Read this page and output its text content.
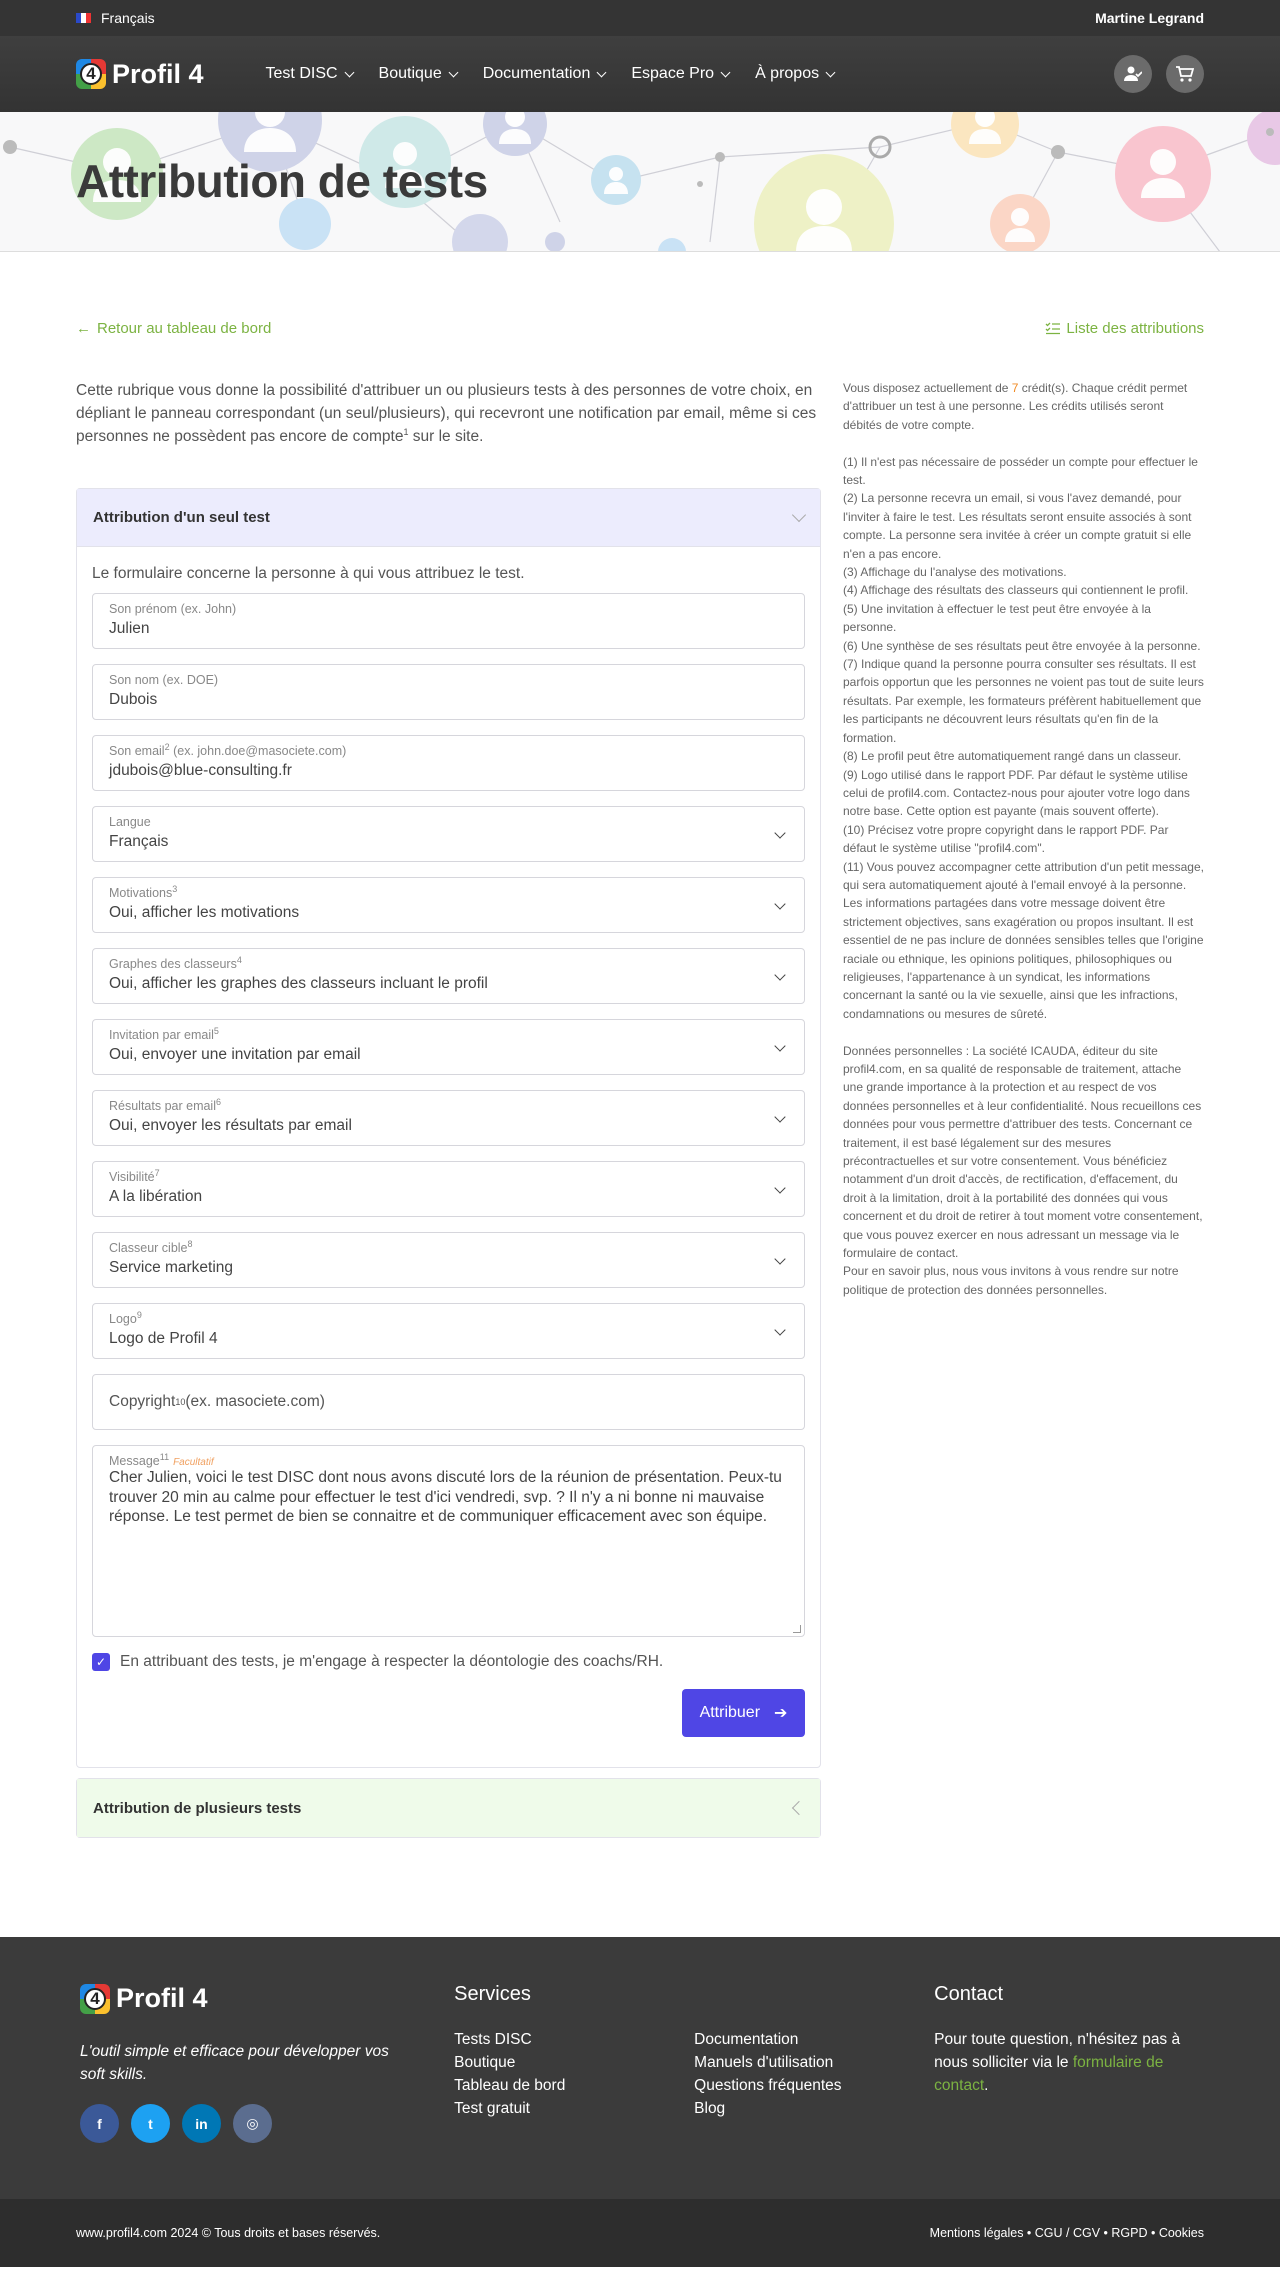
Français	Martine Legrand
4 Profil 4	Test DISC	Boutique	Documentation	Espace Pro	À propos
Attribution de tests
← Retour au tableau de bord	Liste des attributions

Cette rubrique vous donne la possibilité d'attribuer un ou plusieurs tests à des personnes de votre choix, en dépliant le panneau correspondant (un seul/plusieurs), qui recevront une notification par email, même si ces personnes ne possèdent pas encore de compte$^1$ sur le site.

Attribution d'un seul test

Le formulaire concerne la personne à qui vous attribuez le test.

Son prénom (ex. John)
Julien
Son nom (ex. DOE)
Dubois
Son email$^2$ (ex. john.doe@masociete.com)
jdubois@blue-consulting.fr
Langue
Français
Motivations$^3$
Oui, afficher les motivations
Graphes des classeurs$^4$
Oui, afficher les graphes des classeurs incluant le profil
Invitation par email$^5$
Oui, envoyer une invitation par email
Résultats par email$^6$
Oui, envoyer les résultats par email
Visibilité$^7$
A la libération
Classeur cible$^8$
Service marketing
Logo$^9$
Logo de Profil 4
Copyright 10 (ex. masociete.com)
Message$^{11}$Facultatif
Cher Julien, voici le test DISC dont nous avons discuté lors de la réunion de présentation. Peux-tu trouver 20 min au calme pour effectuer le test d'ici vendredi, svp. ? Il n'y a ni bonne ni mauvaise réponse. Le test permet de bien se connaitre et de communiquer efficacement avec son équipe.
✓ En attribuant des tests, je m'engage à respecter la déontologie des coachs/RH.
Attribuer ➔
Attribution de plusieurs tests

Vous disposez actuellement de 7 crédit(s). Chaque crédit permet d'attribuer un test à une personne. Les crédits utilisés seront débités de votre compte.

(1) Il n'est pas nécessaire de posséder un compte pour effectuer le test.
(2) La personne recevra un email, si vous l'avez demandé, pour l'inviter à faire le test. Les résultats seront ensuite associés à sont compte. La personne sera invitée à créer un compte gratuit si elle n'en a pas encore.
(3) Affichage du l'analyse des motivations.
(4) Affichage des résultats des classeurs qui contiennent le profil.
(5) Une invitation à effectuer le test peut être envoyée à la personne.
(6) Une synthèse de ses résultats peut être envoyée à la personne.
(7) Indique quand la personne pourra consulter ses résultats. Il est parfois opportun que les personnes ne voient pas tout de suite leurs résultats. Par exemple, les formateurs préfèrent habituellement que les participants ne découvrent leurs résultats qu'en fin de la formation.
(8) Le profil peut être automatiquement rangé dans un classeur.
(9) Logo utilisé dans le rapport PDF. Par défaut le système utilise celui de profil4.com. Contactez-nous pour ajouter votre logo dans notre base. Cette option est payante (mais souvent offerte).
(10) Précisez votre propre copyright dans le rapport PDF. Par défaut le système utilise "profil4.com".
(11) Vous pouvez accompagner cette attribution d'un petit message, qui sera automatiquement ajouté à l'email envoyé à la personne. Les informations partagées dans votre message doivent être strictement objectives, sans exagération ou propos insultant. Il est essentiel de ne pas inclure de données sensibles telles que l'origine raciale ou ethnique, les opinions politiques, philosophiques ou religieuses, l'appartenance à un syndicat, les informations concernant la santé ou la vie sexuelle, ainsi que les infractions, condamnations ou mesures de sûreté.

Données personnelles : La société ICAUDA, éditeur du site profil4.com, en sa qualité de responsable de traitement, attache une grande importance à la protection et au respect de vos données personnelles et à leur confidentialité. Nous recueillons ces données pour vous permettre d'attribuer des tests. Concernant ce traitement, il est basé légalement sur des mesures précontractuelles et sur votre consentement. Vous bénéficiez notamment d'un droit d'accès, de rectification, d'effacement, du droit à la limitation, droit à la portabilité des données qui vous concernent et du droit de retirer à tout moment votre consentement, que vous pouvez exercer en nous adressant un message via le formulaire de contact.
Pour en savoir plus, nous vous invitons à vous rendre sur notre politique de protection des données personnelles.

4 Profil 4

L'outil simple et efficace pour développer vos soft skills.

f	t	in	◎
Services
Tests DISC
Boutique
Tableau de bord
Test gratuit
Documentation
Manuels d'utilisation
Questions fréquentes
Blog
Contact

Pour toute question, n'hésitez pas à nous solliciter via le formulaire de contact.

www.profil4.com 2024 © Tous droits et bases réservés.	Mentions légales • CGU / CGV • RGPD • Cookies
